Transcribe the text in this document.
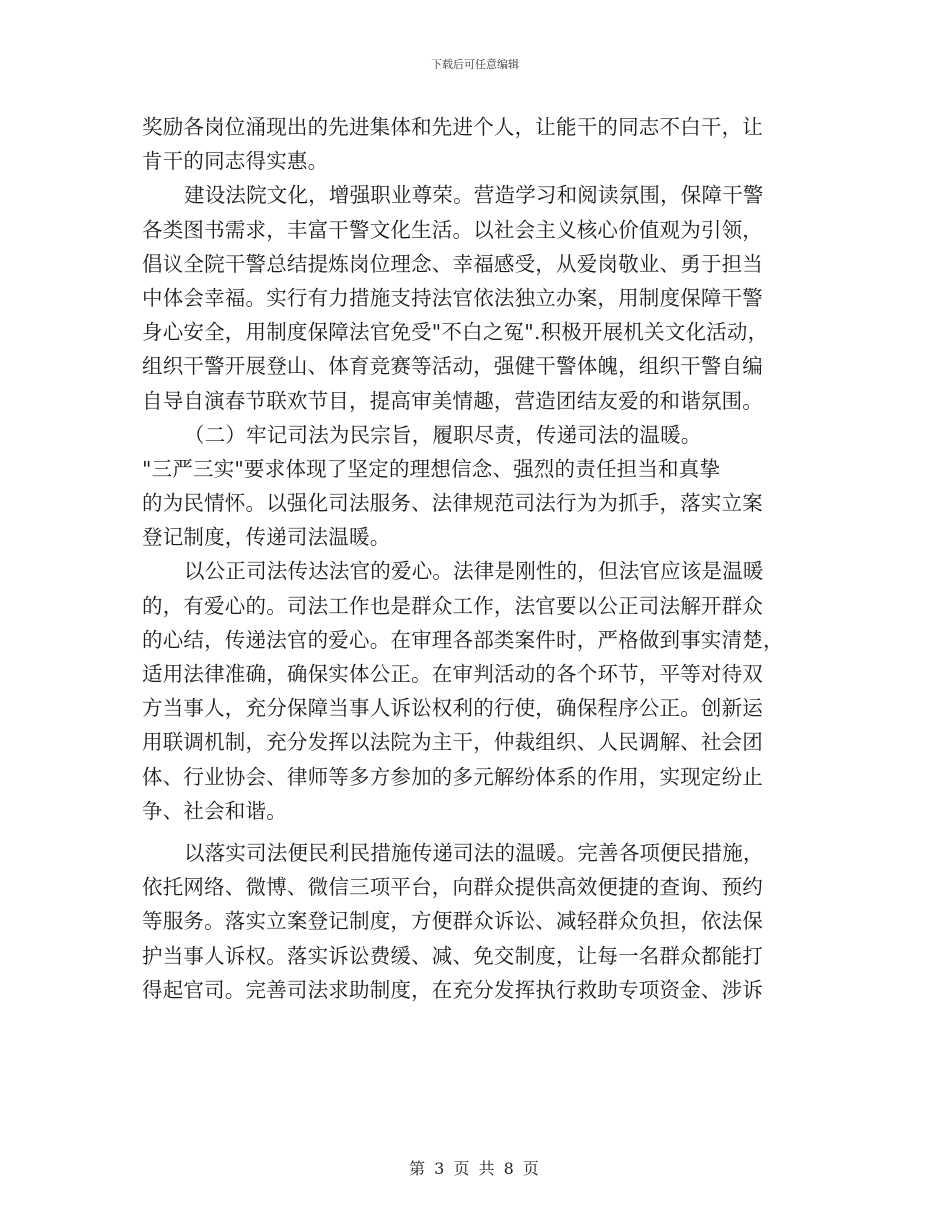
下载后可任意编辑
奖励各岗位涌现出的先进集体和先进个人，让能干的同志不白干，让
肯干的同志得实惠。
建设法院文化，增强职业尊荣。营造学习和阅读氛围，保障干警
各类图书需求，丰富干警文化生活。以社会主义核心价值观为引领，
倡议全院干警总结提炼岗位理念、幸福感受，从爱岗敬业、勇于担当
中体会幸福。实行有力措施支持法官依法独立办案，用制度保障干警
身心安全，用制度保障法官免受"不白之冤".积极开展机关文化活动，
组织干警开展登山、体育竞赛等活动，强健干警体魄，组织干警自编
自导自演春节联欢节目，提高审美情趣，营造团结友爱的和谐氛围。
（二）牢记司法为民宗旨，履职尽责，传递司法的温暖。
"三严三实"要求体现了坚定的理想信念、强烈的责任担当和真挚
的为民情怀。以强化司法服务、法律规范司法行为为抓手，落实立案
登记制度，传递司法温暖。
以公正司法传达法官的爱心。法律是刚性的，但法官应该是温暖
的，有爱心的。司法工作也是群众工作，法官要以公正司法解开群众
的心结，传递法官的爱心。在审理各部类案件时，严格做到事实清楚，
适用法律准确，确保实体公正。在审判活动的各个环节，平等对待双
方当事人，充分保障当事人诉讼权利的行使，确保程序公正。创新运
用联调机制，充分发挥以法院为主干，仲裁组织、人民调解、社会团
体、行业协会、律师等多方参加的多元解纷体系的作用，实现定纷止
争、社会和谐。
以落实司法便民利民措施传递司法的温暖。完善各项便民措施，
依托网络、微博、微信三项平台，向群众提供高效便捷的查询、预约
等服务。落实立案登记制度，方便群众诉讼、减轻群众负担，依法保
护当事人诉权。落实诉讼费缓、减、免交制度，让每一名群众都能打
得起官司。完善司法求助制度，在充分发挥执行救助专项资金、涉诉
第 3 页 共 8 页
